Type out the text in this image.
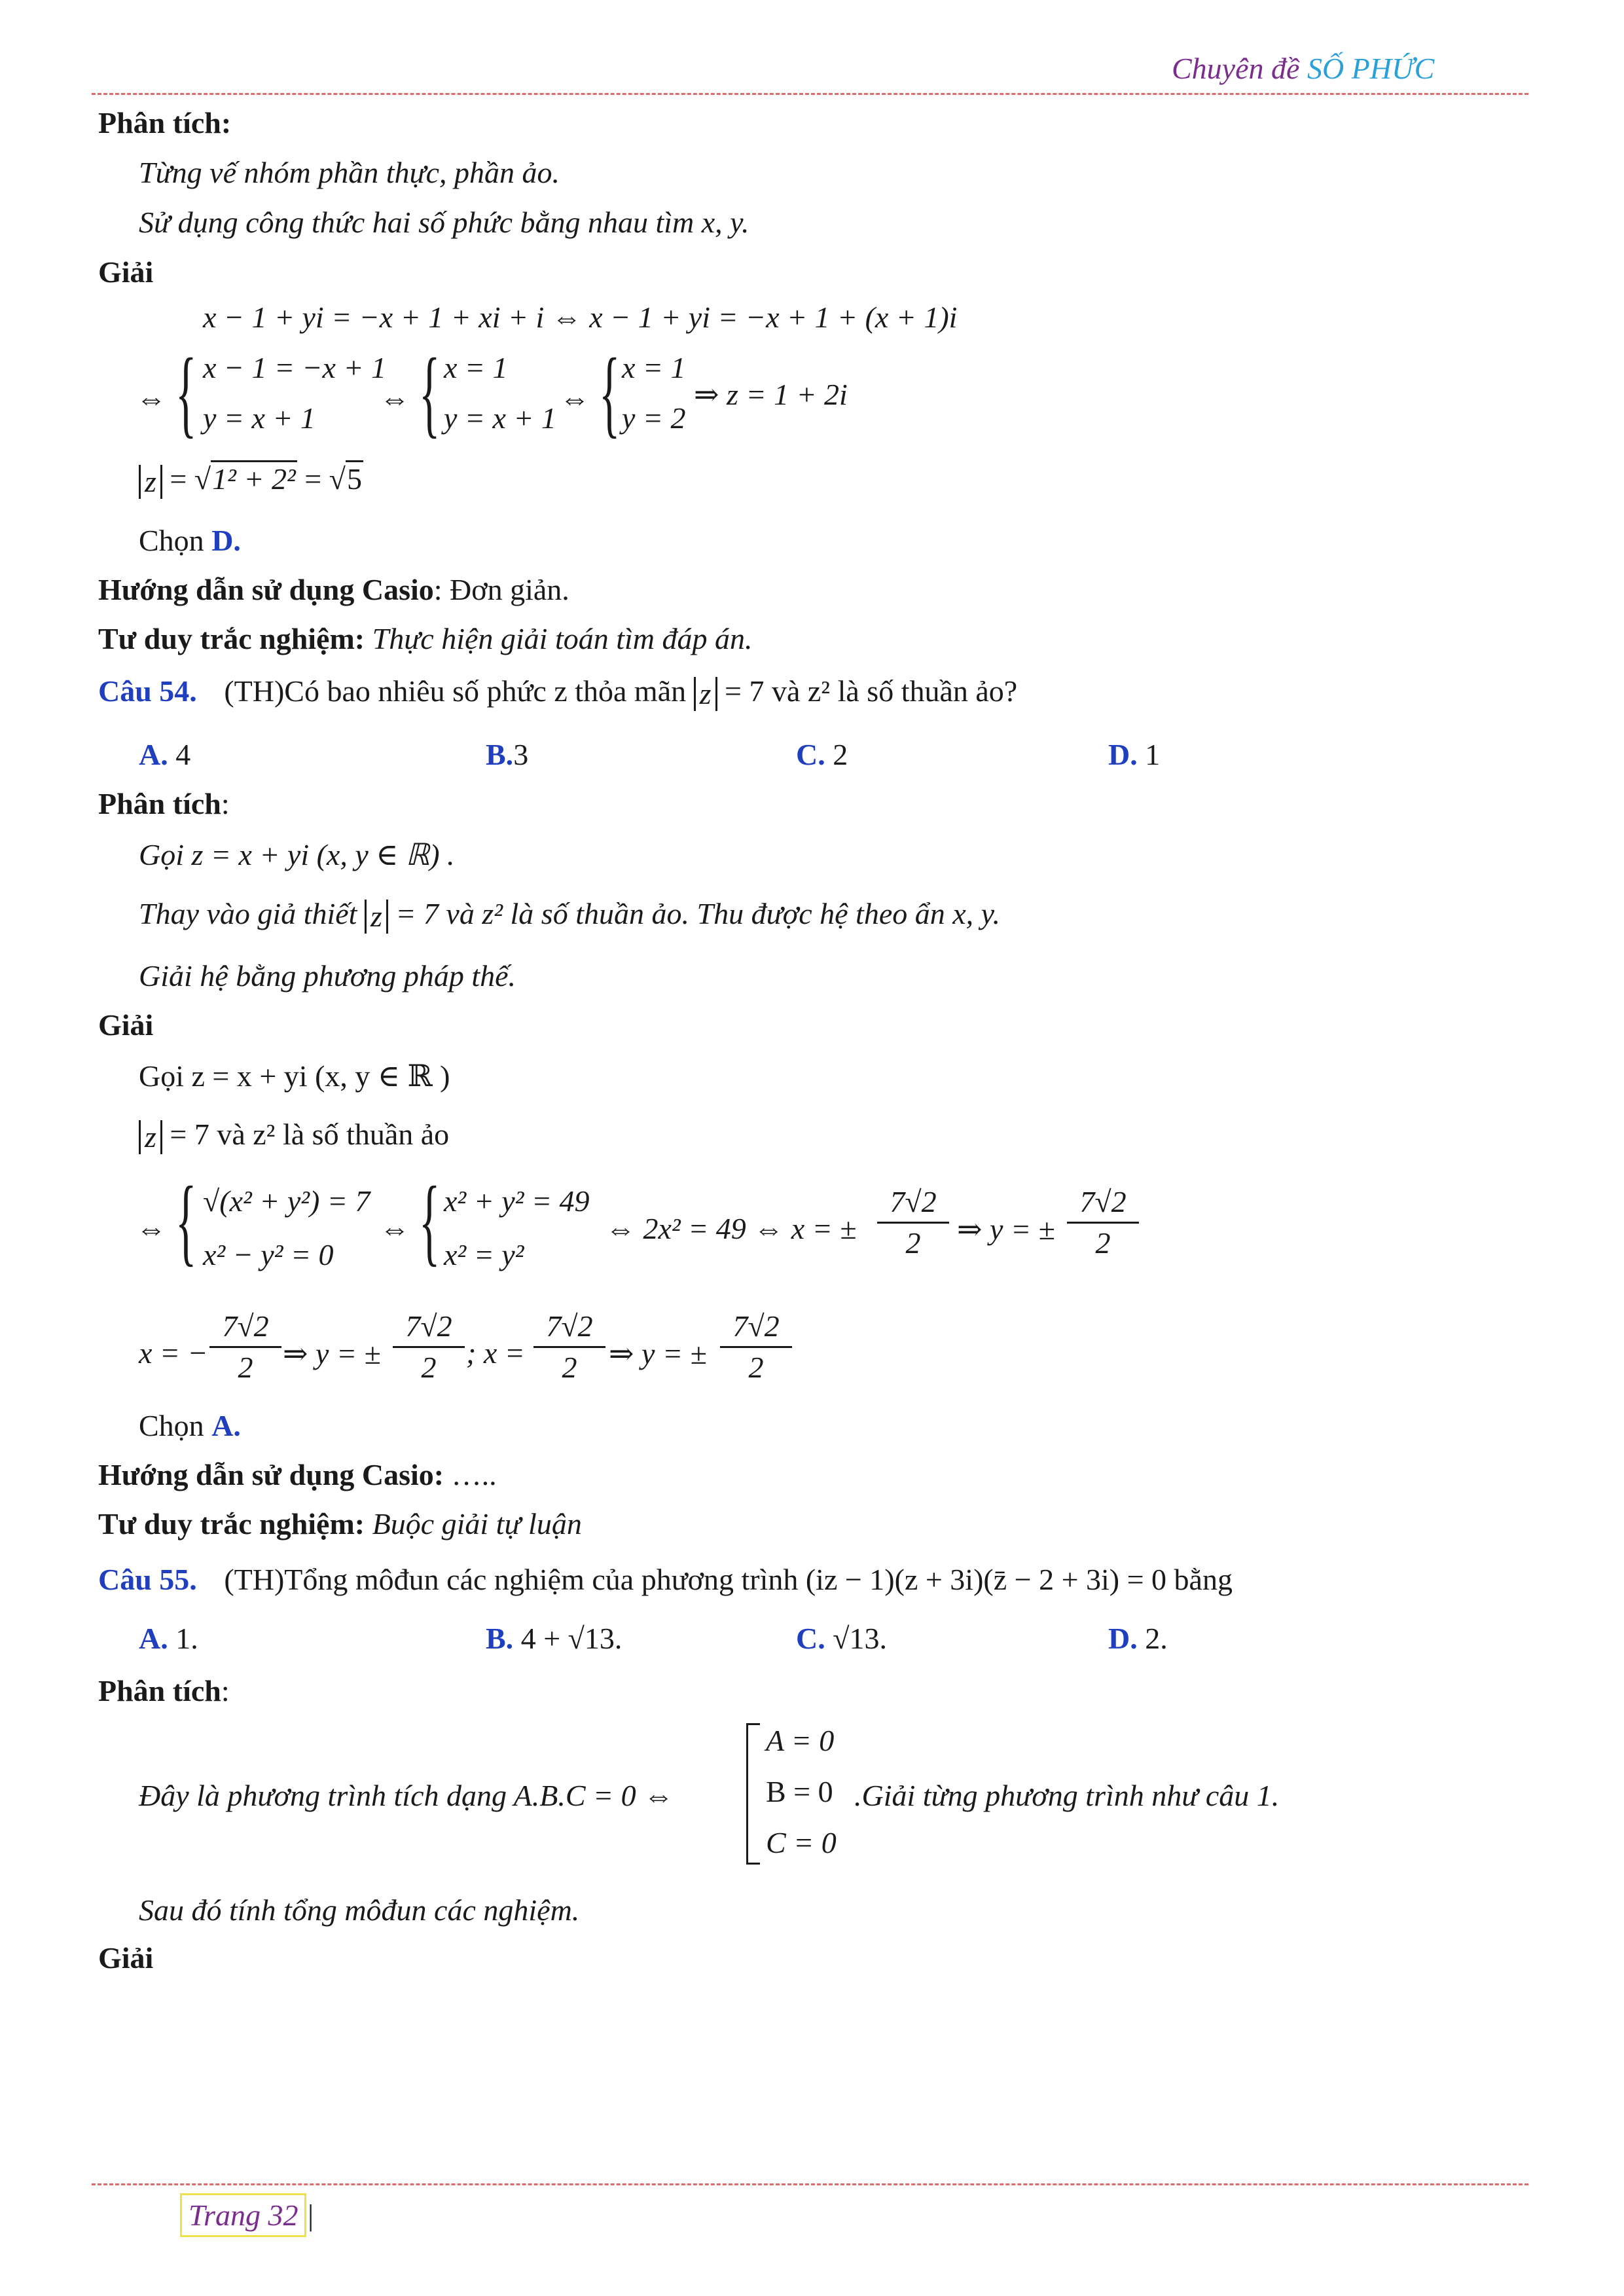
Chuyên đề SỐ PHỨC
Phân tích:
Từng vế nhóm phần thực, phần ảo.
Sử dụng công thức hai số phức bằng nhau tìm x, y.
Giải
x − 1 + yi = −x + 1 + xi + i ⇔ x − 1 + yi = −x + 1 + (x + 1)i
⇔ { x − 1 = −x + 1
y = x + 1
⇔ { x = 1
y = x + 1
⇔ { x = 1
y = 2
⇒ z = 1 + 2i
z = √1² + 2² = √5
Chọn D.
Hướng dẫn sử dụng Casio: Đơn giản.
Tư duy trắc nghiệm: Thực hiện giải toán tìm đáp án.
Câu 54. (TH)Có bao nhiêu số phức z thỏa mãn z = 7 và z² là số thuần ảo?
A. 4	B.3	C. 2	D. 1
Phân tích:
Gọi z = x + yi (x, y ∈ ℝ) .
Thay vào giả thiết z = 7 và z² là số thuần ảo. Thu được hệ theo ẩn x, y.
Giải hệ bằng phương pháp thế.
Giải
Gọi z = x + yi (x, y ∈ ℝ )
z = 7 và z² là số thuần ảo
⇔ { √(x² + y²) = 7
x² − y² = 0
⇔ { x² + y² = 49
x² = y²
⇔ 2x² = 49 ⇔ x = ±
7√2
2	⇒ y = ±
7√2
2
x = −
7√2
2 ⇒ y = ±
7√2
2 ; x =
7√2
2	⇒ y = ±
7√2
2
Chọn A.
Hướng dẫn sử dụng Casio: …..
Tư duy trắc nghiệm: Buộc giải tự luận
Câu 55. (TH)Tổng môđun các nghiệm của phương trình (iz − 1)(z + 3i)(z̄ − 2 + 3i) = 0 bằng
A. 1.	B. 4 + √13.	C. √13.	D. 2.
Phân tích:
Đây là phương trình tích dạng A.B.C = 0 ⇔
A = 0
B = 0
C = 0
.Giải từng phương trình như câu 1.
Sau đó tính tổng môđun các nghiệm.
Giải
Trang 32 |
